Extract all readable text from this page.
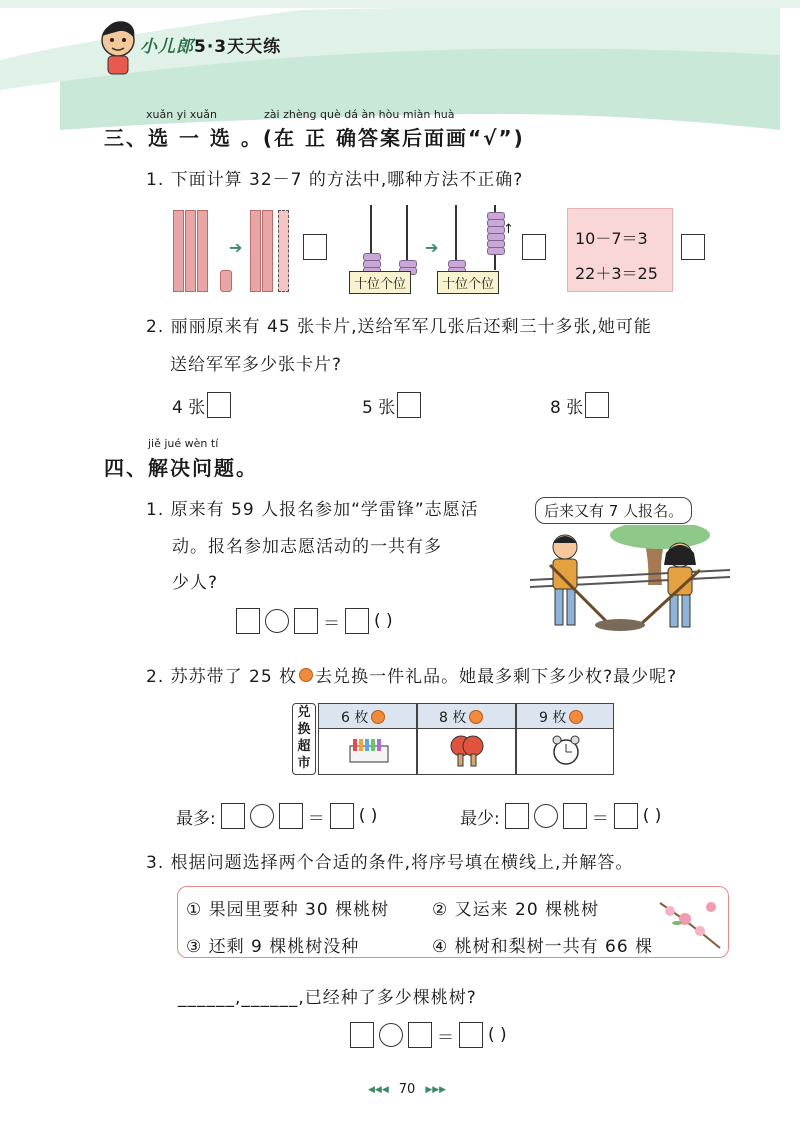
小儿郎5·3天天练
xuǎn yi xuǎn	zài zhèng què dá àn hòu miàn huà
三、选 一 选 。(在 正 确答案后面画“√”)
1. 下面计算 32－7 的方法中,哪种方法不正确?
➔
十位个位
➔
↑
十位个位
10－7＝3
22＋3＝25
2. 丽丽原来有 45 张卡片,送给军军几张后还剩三十多张,她可能
送给军军多少张卡片?
4 张	5 张	8 张
jiě jué wèn tí
四、解决问题。
1. 原来有 59 人报名参加“学雷锋”志愿活
动。报名参加志愿活动的一共有多
少人?
后来又有 7 人报名。
＝ ( )
2. 苏苏带了 25 枚 去兑换一件礼品。她最多剩下多少枚?最少呢?
兑换超市
6 枚	8 枚	9 枚
最多:	＝ ( )	最少:	＝ ( )
3. 根据问题选择两个合适的条件,将序号填在横线上,并解答。
① 果园里要种 30 棵桃树	② 又运来 20 棵桃树
③ 还剩 9 棵桃树没种	④ 桃树和梨树一共有 66 棵
______,______,已经种了多少棵桃树?
＝ ( )
◀◀◀ 70 ▶▶▶
